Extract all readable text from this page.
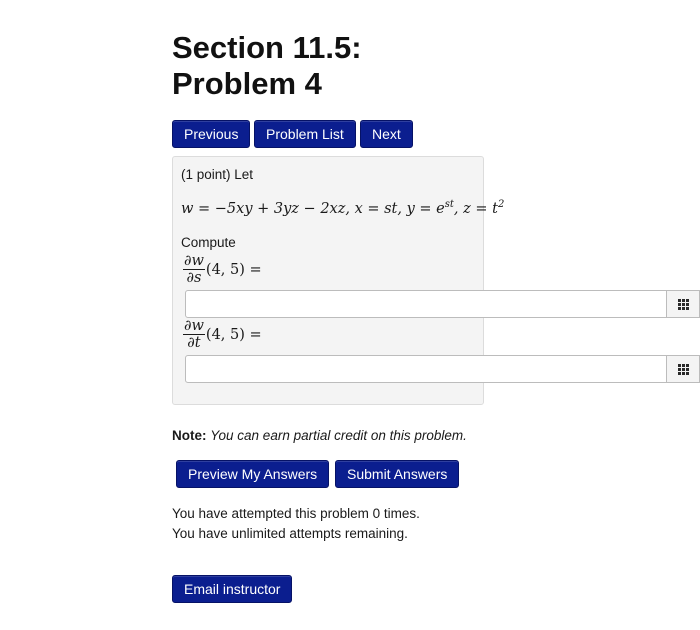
Section 11.5:
Problem 4
Previous	Problem List	Next
(1 point) Let
w = −5xy + 3yz − 2xz, x = st, $y = e^{st}$, $z = t^2$
Compute
$\frac{\partial w}{\partial s} (4$, 5) =
$\frac{\partial w}{\partial t} (4$, 5) =
Note: You can earn partial credit on this problem.
Preview My Answers	Submit Answers
You have attempted this problem 0 times.
You have unlimited attempts remaining.
Email instructor
